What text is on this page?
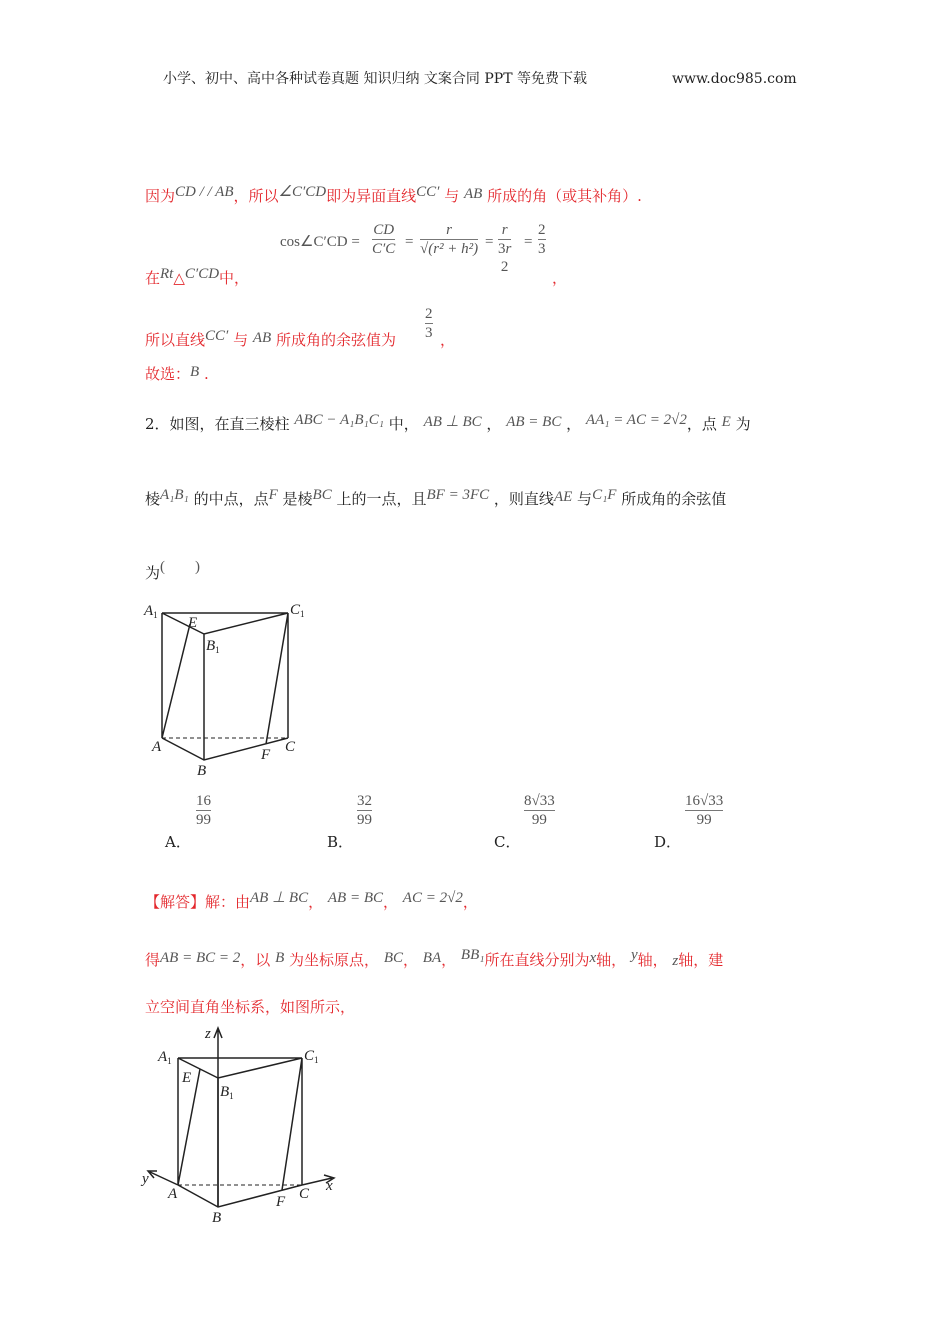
小学、初中、高中各种试卷真题 知识归纳 文案合同 PPT 等免费下载	www.doc985.com
因为CD / / AB，所以∠C′CD即为异面直线CC′ 与 AB 所成的角（或其补角）.
cos∠C′CD =
CD
C′C =
r
√(r² + h²) =
r
3r
2
=
2
3
在Rt△C′CD中，	，
所以直线CC′ 与 AB 所成角的余弦值为
2
3 ，
故选：B .
2．如图，在直三棱柱 ABC − A₁B₁C₁ 中， AB ⊥ BC ， AB = BC ， AA₁ = AC = 2√2，点 E 为
棱A₁B₁ 的中点，点F 是棱BC 上的一点，且BF = 3FC ，则直线AE 与C₁F 所成角的余弦值
为(　　)
$A_1$ E
$B_1$
$C_1$
A
B
F C
z
y	x
$A_1$
E
$B_1$
$C_1$
A
B
F C
A．
16
99
B．
32
99
C．
8√33
99
D．
16√33
99
【解答】解：由AB ⊥ BC， AB = BC， AC = 2√2，
得AB = BC = 2，以 B 为坐标原点， BC， BA， BB₁所在直线分别为x轴， y轴， z轴，建
立空间直角坐标系，如图所示，
